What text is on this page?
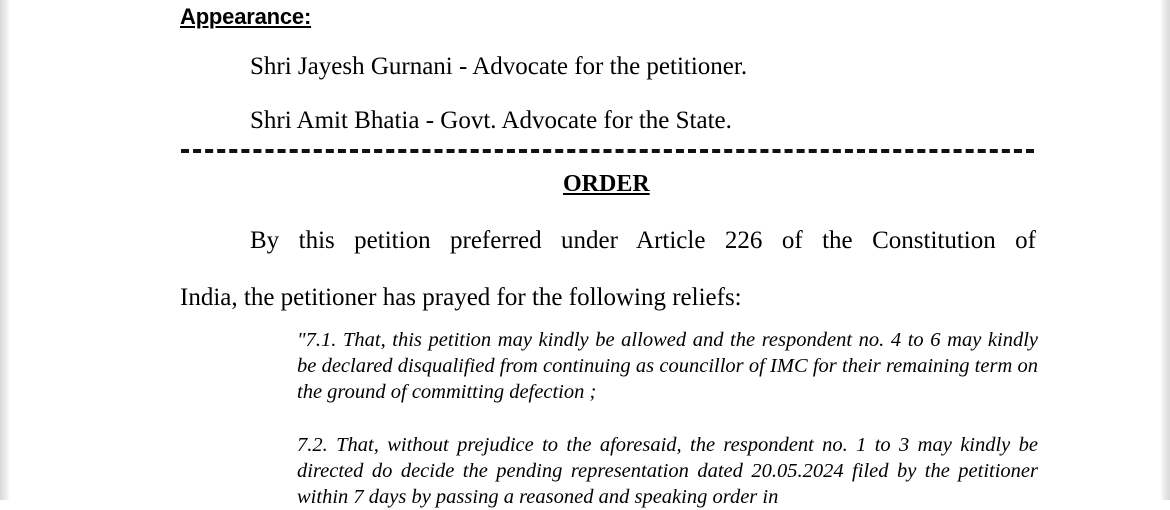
Appearance:
Shri Jayesh Gurnani - Advocate for the petitioner.
Shri Amit Bhatia - Govt. Advocate for the State.
ORDER
By this petition preferred under Article 226 of the Constitution of
India, the petitioner has prayed for the following reliefs:
"7.1. That, this petition may kindly be allowed and the respondent no. 4 to 6 may kindly be declared disqualified from continuing as councillor of IMC for their remaining term on the ground of committing defection ;
7.2. That, without prejudice to the aforesaid, the respondent no. 1 to 3 may kindly be directed do decide the pending representation dated 20.05.2024 filed by the petitioner within 7 days by passing a reasoned and speaking order in
